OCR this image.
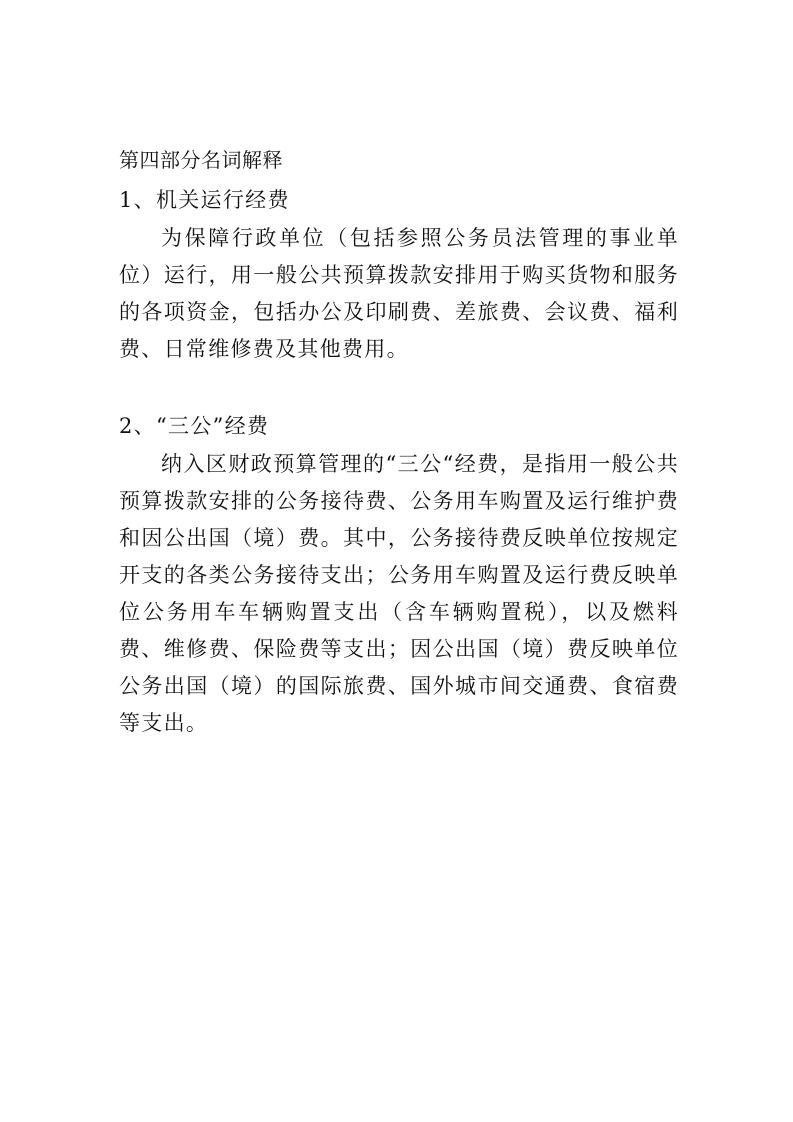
第四部分名词解释

1、机关运行经费

为保障行政单位（包括参照公务员法管理的事业单位）运行，用一般公共预算拨款安排用于购买货物和服务的各项资金，包括办公及印刷费、差旅费、会议费、福利费、日常维修费及其他费用。

2、“三公”经费

纳入区财政预算管理的“三公“经费，是指用一般公共预算拨款安排的公务接待费、公务用车购置及运行维护费和因公出国（境）费。其中，公务接待费反映单位按规定开支的各类公务接待支出；公务用车购置及运行费反映单位公务用车车辆购置支出（含车辆购置税），以及燃料费、维修费、保险费等支出；因公出国（境）费反映单位公务出国（境）的国际旅费、国外城市间交通费、食宿费等支出。
